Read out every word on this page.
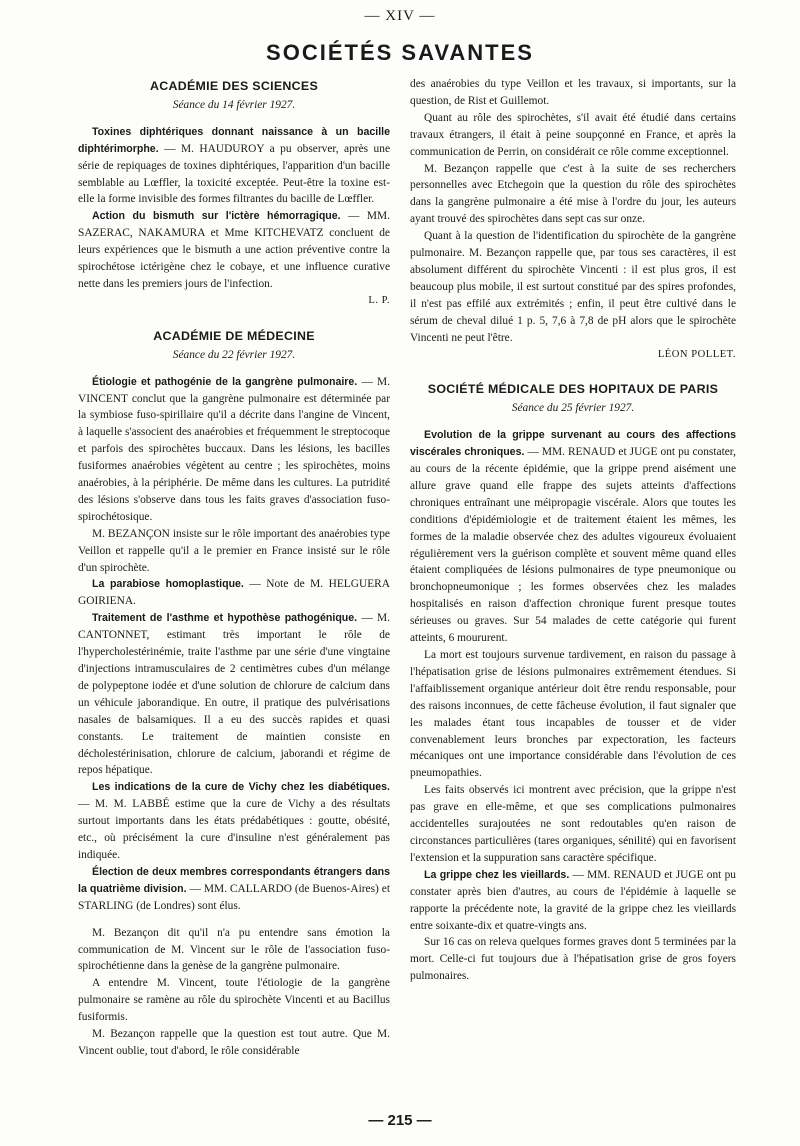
— XIV —
SOCIÉTÉS SAVANTES
ACADÉMIE DES SCIENCES
Séance du 14 février 1927.

Toxines diphtériques donnant naissance à un bacille diphtérimorphe. — M. HAUDUROY a pu observer, après une série de repiquages de toxines diphtériques, l'apparition d'un bacille semblable au Lœffler, la toxicité exceptée. Peut-être la toxine est-elle la forme invisible des formes filtrantes du bacille de Lœffler.

Action du bismuth sur l'ictère hémorragique. — MM. SAZERAC, NAKAMURA et Mme KITCHEVATZ concluent de leurs expériences que le bismuth a une action préventive contre la spirochétose ictérigène chez le cobaye, et une influence curative nette dans les premiers jours de l'infection.

L. P.
ACADÉMIE DE MÉDECINE
Séance du 22 février 1927.

Étiologie et pathogénie de la gangrène pulmonaire. — M. VINCENT conclut que la gangrène pulmonaire est déterminée par la symbiose fuso-spirillaire qu'il a décrite dans l'angine de Vincent, à laquelle s'associent des anaérobies et fréquemment le streptocoque et parfois des spirochètes buccaux. Dans les lésions, les bacilles fusiformes anaérobies végètent au centre ; les spirochètes, moins anaérobies, à la périphérie. De même dans les cultures. La putridité des lésions s'observe dans tous les faits graves d'association fuso-spirochétosique.

M. BEZANÇON insiste sur le rôle important des anaérobies type Veillon et rappelle qu'il a le premier en France insisté sur le rôle d'un spirochète.

La parabiose homoplastique. — Note de M. HELGUERA GOIRIENA.

Traitement de l'asthme et hypothèse pathogénique. — M. CANTONNET, estimant très important le rôle de l'hypercholestérinémie, traite l'asthme par une série d'une vingtaine d'injections intramusculaires de 2 centimètres cubes d'un mélange de polypeptone iodée et d'une solution de chlorure de calcium dans un véhicule jaborandique. En outre, il pratique des pulvérisations nasales de balsamiques. Il a eu des succès rapides et quasi constants. Le traitement de maintien consiste en décholestérinisation, chlorure de calcium, jaborandi et régime de repos hépatique.

Les indications de la cure de Vichy chez les diabétiques. — M. M. LABBÉ estime que la cure de Vichy a des résultats surtout importants dans les états prédabétiques : goutte, obésité, etc., où précisément la cure d'insuline n'est généralement pas indiquée.

Élection de deux membres correspondants étrangers dans la quatrième division. — MM. CALLARDO (de Buenos-Aires) et STARLING (de Londres) sont élus.

M. Bezançon dit qu'il n'a pu entendre sans émotion la communication de M. Vincent sur le rôle de l'association fuso-spirochétienne dans la genèse de la gangrène pulmonaire.

A entendre M. Vincent, toute l'étiologie de la gangrène pulmonaire se ramène au rôle du spirochète Vincenti et au Bacillus fusiformis.

M. Bezançon rappelle que la question est tout autre. Que M. Vincent oublie, tout d'abord, le rôle considérable

des anaérobies du type Veillon et les travaux, si importants, sur la question, de Rist et Guillemot.

Quant au rôle des spirochètes, s'il avait été étudié dans certains travaux étrangers, il était à peine soupçonné en France, et après la communication de Perrin, on considérait ce rôle comme exceptionnel.

M. Bezançon rappelle que c'est à la suite de ses recherchers personnelles avec Etchegoin que la question du rôle des spirochètes dans la gangrène pulmonaire a été mise à l'ordre du jour, les auteurs ayant trouvé des spirochètes dans sept cas sur onze.

Quant à la question de l'identification du spirochète de la gangrène pulmonaire. M. Bezançon rappelle que, par tous ses caractères, il est absolument différent du spirochète Vincenti : il est plus gros, il est beaucoup plus mobile, il est surtout constitué par des spires profondes, il n'est pas effilé aux extrémités ; enfin, il peut être cultivé dans le sérum de cheval dilué 1 p. 5, 7,6 à 7,8 de pH alors que le spirochète Vincenti ne peut l'être.

LÉON POLLET.
SOCIÉTÉ MÉDICALE DES HOPITAUX DE PARIS
Séance du 25 février 1927.

Evolution de la grippe survenant au cours des affections viscérales chroniques. — MM. RENAUD et JUGE ont pu constater, au cours de la récente épidémie, que la grippe prend aisément une allure grave quand elle frappe des sujets atteints d'affections chroniques entraînant une méipropagie viscérale. Alors que toutes les conditions d'épidémiologie et de traitement étaient les mêmes, les formes de la maladie observée chez des adultes vigoureux évoluaient régulièrement vers la guérison complète et souvent même quand elles étaient compliquées de lésions pulmonaires de type pneumonique ou bronchopneumonique ; les formes observées chez les malades hospitalisés en raison d'affection chronique furent presque toutes sérieuses ou graves. Sur 54 malades de cette catégorie qui furent atteints, 6 moururent.

La mort est toujours survenue tardivement, en raison du passage à l'hépatisation grise de lésions pulmonaires extrêmement étendues. Si l'affaiblissement organique antérieur doit être rendu responsable, pour des raisons inconnues, de cette fâcheuse évolution, il faut signaler que les malades étant tous incapables de tousser et de vider convenablement leurs bronches par expectoration, les facteurs mécaniques ont une importance considérable dans l'évolution de ces pneumopathies.

Les faits observés ici montrent avec précision, que la grippe n'est pas grave en elle-même, et que ses complications pulmonaires accidentelles surajoutées ne sont redoutables qu'en raison de circonstances particulières (tares organiques, sénilité) qui en favorisent l'extension et la suppuration sans caractère spécifique.

La grippe chez les vieillards. — MM. RENAUD et JUGE ont pu constater après bien d'autres, au cours de l'épidémie à laquelle se rapporte la précédente note, la gravité de la grippe chez les vieillards entre soixante-dix et quatre-vingts ans.

Sur 16 cas on releva quelques formes graves dont 5 terminées par la mort. Celle-ci fut toujours due à l'hépatisation grise de gros foyers pulmonaires.

— 215 —
